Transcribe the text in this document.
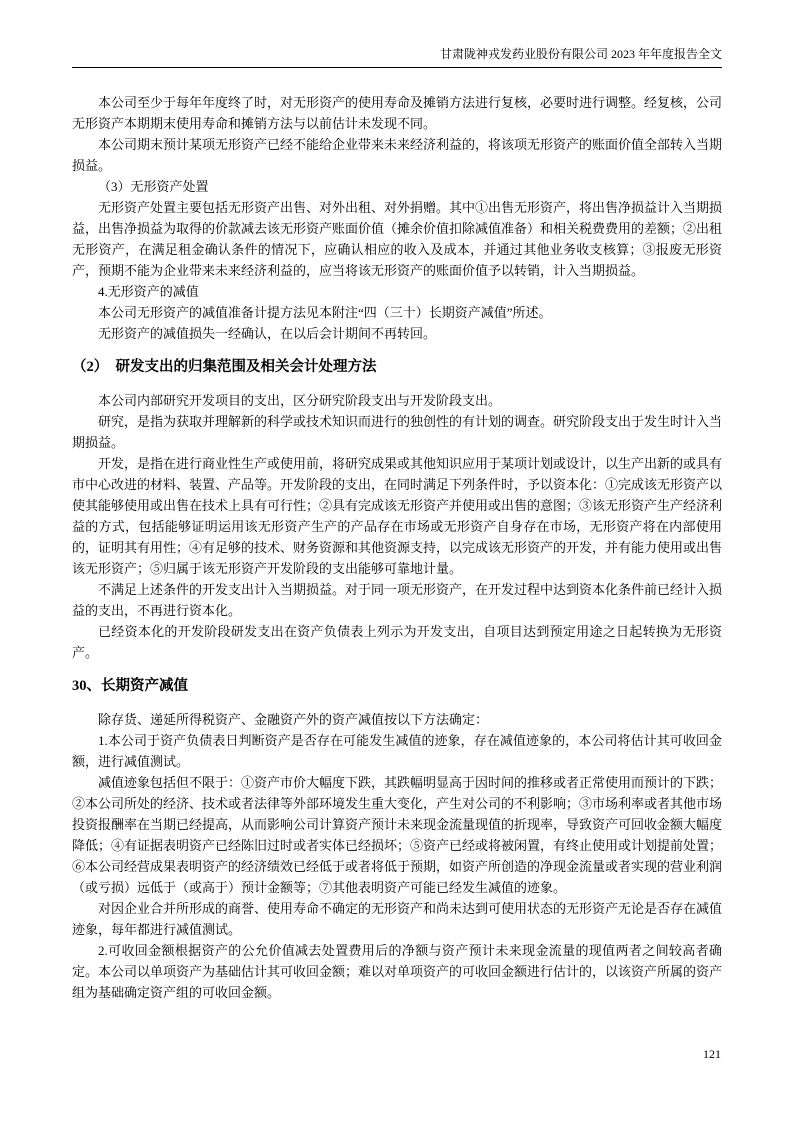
甘肃陇神戎发药业股份有限公司 2023 年年度报告全文

本公司至少于每年年度终了时，对无形资产的使用寿命及摊销方法进行复核，必要时进行调整。经复核，公司无形资产本期期末使用寿命和摊销方法与以前估计未发现不同。

本公司期末预计某项无形资产已经不能给企业带来未来经济利益的，将该项无形资产的账面价值全部转入当期损益。

（3）无形资产处置

无形资产处置主要包括无形资产出售、对外出租、对外捐赠。其中①出售无形资产，将出售净损益计入当期损益，出售净损益为取得的价款减去该无形资产账面价值（摊余价值扣除减值准备）和相关税费费用的差额；②出租无形资产，在满足租金确认条件的情况下，应确认相应的收入及成本，并通过其他业务收支核算；③报废无形资产，预期不能为企业带来未来经济利益的，应当将该无形资产的账面价值予以转销，计入当期损益。

4.无形资产的减值

本公司无形资产的减值准备计提方法见本附注“四（三十）长期资产减值”所述。

无形资产的减值损失一经确认，在以后会计期间不再转回。

（2）　研发支出的归集范围及相关会计处理方法

本公司内部研究开发项目的支出，区分研究阶段支出与开发阶段支出。

研究，是指为获取并理解新的科学或技术知识而进行的独创性的有计划的调查。研究阶段支出于发生时计入当期损益。

开发，是指在进行商业性生产或使用前，将研究成果或其他知识应用于某项计划或设计，以生产出新的或具有市中心改进的材料、装置、产品等。开发阶段的支出，在同时满足下列条件时，予以资本化：①完成该无形资产以使其能够使用或出售在技术上具有可行性；②具有完成该无形资产并使用或出售的意图；③该无形资产生产经济利益的方式，包括能够证明运用该无形资产生产的产品存在市场或无形资产自身存在市场，无形资产将在内部使用的，证明其有用性；④有足够的技术、财务资源和其他资源支持，以完成该无形资产的开发，并有能力使用或出售该无形资产；⑤归属于该无形资产开发阶段的支出能够可靠地计量。

不满足上述条件的开发支出计入当期损益。对于同一项无形资产，在开发过程中达到资本化条件前已经计入损益的支出，不再进行资本化。

已经资本化的开发阶段研发支出在资产负债表上列示为开发支出，自项目达到预定用途之日起转换为无形资产。

30、长期资产减值

除存货、递延所得税资产、金融资产外的资产减值按以下方法确定：

1.本公司于资产负债表日判断资产是否存在可能发生减值的迹象，存在减值迹象的，本公司将估计其可收回金额，进行减值测试。

减值迹象包括但不限于：①资产市价大幅度下跌，其跌幅明显高于因时间的推移或者正常使用而预计的下跌；②本公司所处的经济、技术或者法律等外部环境发生重大变化，产生对公司的不利影响；③市场利率或者其他市场投资报酬率在当期已经提高，从而影响公司计算资产预计未来现金流量现值的折现率，导致资产可回收金额大幅度降低；④有证据表明资产已经陈旧过时或者实体已经损坏；⑤资产已经或将被闲置，有终止使用或计划提前处置；⑥本公司经营成果表明资产的经济绩效已经低于或者将低于预期，如资产所创造的净现金流量或者实现的营业利润（或亏损）远低于（或高于）预计金额等；⑦其他表明资产可能已经发生减值的迹象。

对因企业合并所形成的商誉、使用寿命不确定的无形资产和尚未达到可使用状态的无形资产无论是否存在减值迹象，每年都进行减值测试。

2.可收回金额根据资产的公允价值减去处置费用后的净额与资产预计未来现金流量的现值两者之间较高者确定。本公司以单项资产为基础估计其可收回金额；难以对单项资产的可收回金额进行估计的，以该资产所属的资产组为基础确定资产组的可收回金额。

121
